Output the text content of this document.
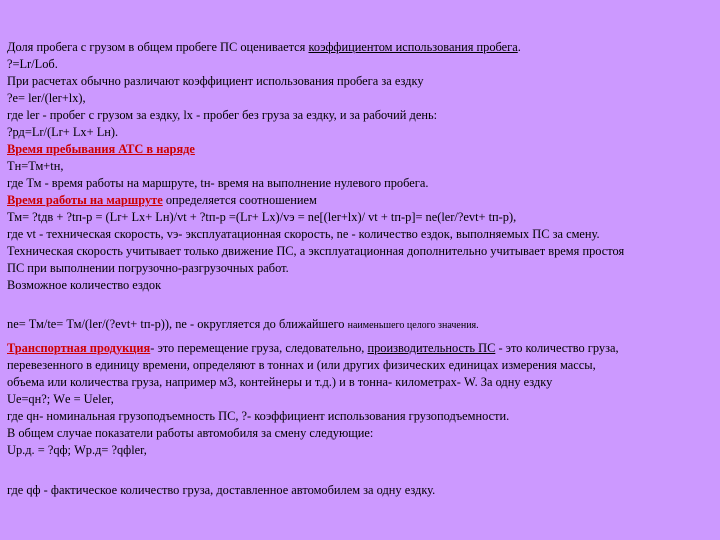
Доля пробега с грузом в общем пробеге ПС оценивается коэффициентом использования пробега.
?=Lr/Lоб.
При расчетах обычно различают коэффициент использования пробега за ездку
?е= lеr/(lеr+lх),
где lеr - пробег с грузом за ездку, lх - пробег без груза за ездку, и за рабочий день:
?рд=Lr/(Lr+ Lх+ Lн).
Время пребывания АТС в наряде
Тн=Тм+tн,
где Тм - время работы на маршруте, tн- время на выполнение нулевого пробега.
Время работы на маршруте определяется соотношением
Тм= ?tдв + ?tп-р = (Lr+ Lх+ Lн)/vt + ?tп-р =(Lr+ Lх)/vэ = nе[(lеr+lх)/ vt + tп-р]= nе(lеr/?еvt+ tп-р),
где vt - техническая скорость, vэ- эксплуатационная скорость, nе - количество ездок, выполняемых ПС за смену.
Техническая скорость учитывает только движение ПС, а эксплуатационная дополнительно учитывает время простоя
ПС при выполнении погрузочно-разгрузочных работ.
Возможное количество ездок
nе= Тм/tе= Тм/(lеr/(?еvt+ tп-р)), nе - округляется до ближайшего наименьшего целого значения.
Транспортная продукция- это перемещение груза, следовательно, производительность ПС - это количество груза,
перевезенного в единицу времени, определяют в тоннах и (или других физических единицах измерения массы,
объема или количества груза, например м3, контейнеры и т.д.) и в тонна- километрах- W. За одну ездку
Uе=qн?; Wе = Uеlеr,
где qн- номинальная грузоподъемность ПС, ?- коэффициент использования грузоподъемности.
В общем случае показатели работы автомобиля за смену следующие:
Uр.д. = ?qф; Wр.д= ?qфlеr,
где qф - фактическое количество груза, доставленное автомобилем за одну ездку.
